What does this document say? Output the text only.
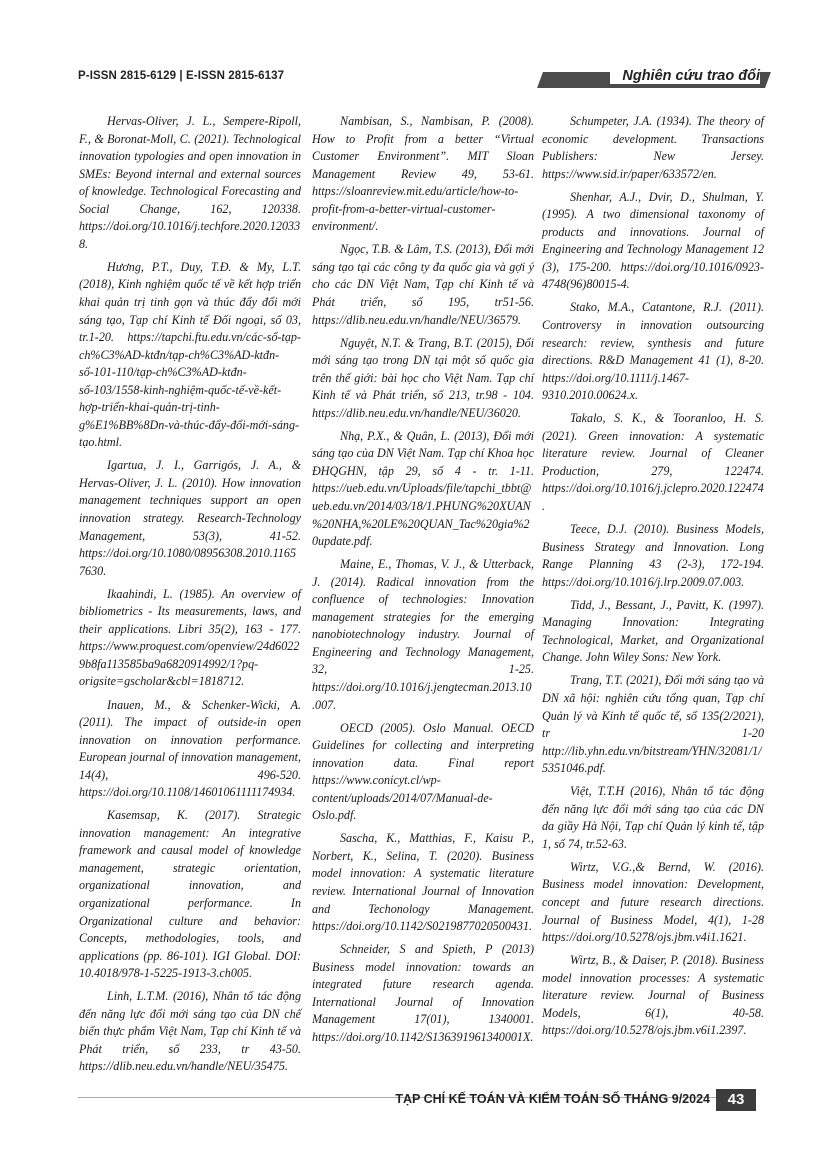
P-ISSN 2815-6129 | E-ISSN 2815-6137	Nghiên cứu trao đổi

Hervas-Oliver, J. L., Sempere-Ripoll, F., & Boronat-Moll, C. (2021). Technological innovation typologies and open innovation in SMEs: Beyond internal and external sources of knowledge. Technological Forecasting and Social Change, 162, 120338. https://doi.org/10.1016/j.techfore.2020.120338.

Hương, P.T., Duy, T.Đ. & My, L.T. (2018), Kinh nghiệm quốc tế về kết hợp triển khai quản trị tinh gọn và thúc đẩy đổi mới sáng tạo, Tạp chí Kinh tế Đối ngoại, số 03, tr.1-20. https://tapchi.ftu.edu.vn/các-số-tạp-ch%C3%AD-ktđn/tạp-ch%C3%AD-ktđn-số-101-110/tạp-ch%C3%AD-ktđn-số-103/1558-kinh-nghiệm-quốc-tế-về-kết-hợp-triển-khai-quản-trị-tinh-g%E1%BB%8Dn-và-thúc-đẩy-đổi-mới-sáng-tạo.html.

Igartua, J. I., Garrigós, J. A., & Hervas-Oliver, J. L. (2010). How innovation management techniques support an open innovation strategy. Research-Technology Management, 53(3), 41-52. https://doi.org/10.1080/08956308.2010.11657630.

Ikaahindi, L. (1985). An overview of bibliometrics - Its measurements, laws, and their applications. Libri 35(2), 163 - 177. https://www.proquest.com/openview/24d60229b8fa113585ba9a6820914992/1?pq-origsite=gscholar&cbl=1818712.

Inauen, M., & Schenker-Wicki, A. (2011). The impact of outside-in open innovation on innovation performance. European journal of innovation management, 14(4), 496-520. https://doi.org/10.1108/14601061111174934.

Kasemsap, K. (2017). Strategic innovation management: An integrative framework and causal model of knowledge management, strategic orientation, organizational innovation, and organizational performance. In Organizational culture and behavior: Concepts, methodologies, tools, and applications (pp. 86-101). IGI Global. DOI: 10.4018/978-1-5225-1913-3.ch005.

Linh, L.T.M. (2016), Nhân tố tác động đến năng lực đổi mới sáng tạo của DN chế biến thực phẩm Việt Nam, Tạp chí Kinh tế và Phát triển, số 233, tr 43-50. https://dlib.neu.edu.vn/handle/NEU/35475.

Nambisan, S., Nambisan, P. (2008). How to Profit from a better “Virtual Customer Environment”. MIT Sloan Management Review 49, 53-61. https://sloanreview.mit.edu/article/how-to-profit-from-a-better-virtual-customer-environment/.

Ngọc, T.B. & Lâm, T.S. (2013), Đổi mới sáng tạo tại các công ty đa quốc gia và gợi ý cho các DN Việt Nam, Tạp chí Kinh tế và Phát triển, số 195, tr51-56. https://dlib.neu.edu.vn/handle/NEU/36579.

Nguyệt, N.T. & Trang, B.T. (2015), Đổi mới sáng tạo trong DN tại một số quốc gia trên thế giới: bài học cho Việt Nam. Tạp chí Kinh tế và Phát triển, số 213, tr.98 - 104. https://dlib.neu.edu.vn/handle/NEU/36020.

Nhạ, P.X., & Quân, L. (2013), Đổi mới sáng tạo của DN Việt Nam. Tạp chí Khoa học ĐHQGHN, tập 29, số 4 - tr. 1-11. https://ueb.edu.vn/Uploads/file/tapchi_tbbt@ueb.edu.vn/2014/03/18/1.PHUNG%20XUAN%20NHA,%20LE%20QUAN_Tac%20gia%20update.pdf.

Maine, E., Thomas, V. J., & Utterback, J. (2014). Radical innovation from the confluence of technologies: Innovation management strategies for the emerging nanobiotechnology industry. Journal of Engineering and Technology Management, 32, 1-25. https://doi.org/10.1016/j.jengtecman.2013.10.007.

OECD (2005). Oslo Manual. OECD Guidelines for collecting and interpreting innovation data. Final report https://www.conicyt.cl/wp-content/uploads/2014/07/Manual-de-Oslo.pdf.

Sascha, K., Matthias, F., Kaisu P., Norbert, K., Selina, T. (2020). Business model innovation: A systematic literature review. International Journal of Innovation and Techonology Management. https://doi.org/10.1142/S0219877020500431.

Schneider, S and Spieth, P (2013) Business model innovation: towards an integrated future research agenda. International Journal of Innovation Management 17(01), 1340001. https://doi.org/10.1142/S136391961340001X.

Schumpeter, J.A. (1934). The theory of economic development. Transactions Publishers: New Jersey. https://www.sid.ir/paper/633572/en.

Shenhar, A.J., Dvir, D., Shulman, Y. (1995). A two dimensional taxonomy of products and innovations. Journal of Engineering and Technology Management 12 (3), 175-200. https://doi.org/10.1016/0923-4748(96)80015-4.

Stako, M.A., Catantone, R.J. (2011). Controversy in innovation outsourcing research: review, synthesis and future directions. R&D Management 41 (1), 8-20. https://doi.org/10.1111/j.1467-9310.2010.00624.x.

Takalo, S. K., & Tooranloo, H. S. (2021). Green innovation: A systematic literature review. Journal of Cleaner Production, 279, 122474. https://doi.org/10.1016/j.jclepro.2020.122474.

Teece, D.J. (2010). Business Models, Business Strategy and Innovation. Long Range Planning 43 (2-3), 172-194. https://doi.org/10.1016/j.lrp.2009.07.003.

Tidd, J., Bessant, J., Pavitt, K. (1997). Managing Innovation: Integrating Technological, Market, and Organizational Change. John Wiley Sons: New York.

Trang, T.T. (2021), Đổi mới sáng tạo và DN xã hội: nghiên cứu tổng quan, Tạp chí Quản lý và Kinh tế quốc tế, số 135(2/2021), tr 1-20 http://lib.yhn.edu.vn/bitstream/YHN/32081/1/5351046.pdf.

Việt, T.T.H (2016), Nhân tố tác động đến năng lực đổi mới sáng tạo của các DN da giầy Hà Nội, Tạp chí Quản lý kinh tế, tập 1, số 74, tr.52-63.

Wirtz, V.G.,& Bernd, W. (2016). Business model innovation: Development, concept and future research directions. Journal of Business Model, 4(1), 1-28 https://doi.org/10.5278/ojs.jbm.v4i1.1621.

Wirtz, B., & Daiser, P. (2018). Business model innovation processes: A systematic literature review. Journal of Business Models, 6(1), 40-58. https://doi.org/10.5278/ojs.jbm.v6i1.2397.

TẠP CHÍ KẾ TOÁN VÀ KIỂM TOÁN SỐ THÁNG 9/2024	43
